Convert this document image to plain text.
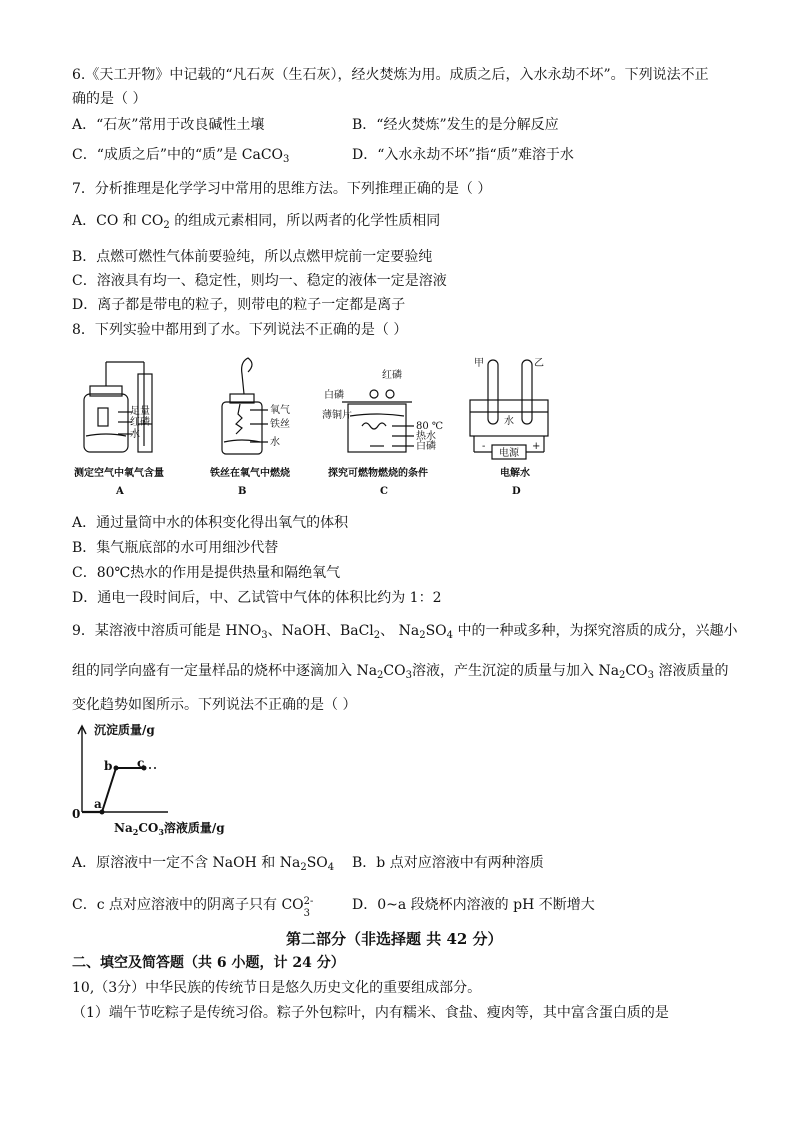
6.《天工开物》中记载的“凡石灰（生石灰），经火焚炼为用。成质之后，入水永劫不坏”。下列说法不正
确的是（ ）
A．“石灰”常用于改良碱性土壤	B．“经火焚炼”发生的是分解反应
C．“成质之后”中的“质”是 CaCO$_3$	D．“入水永劫不坏”指“质”难溶于水
7．分析推理是化学学习中常用的思维方法。下列推理正确的是（ ）
A．CO 和 $CO_2$ 的组成元素相同，所以两者的化学性质相同
B．点燃可燃性气体前要验纯，所以点燃甲烷前一定要验纯
C．溶液具有均一、稳定性，则均一、稳定的液体一定是溶液
D．离子都是带电的粒子，则带电的粒子一定都是离子
8．下列实验中都用到了水。下列说法不正确的是（ ）
足量
红磷
水
测定空气中氧气含量
A
氧气
铁丝
水
铁丝在氧气中燃烧
B
红磷
白磷
薄铜片
80 ℃
热水
白磷
探究可燃物燃烧的条件
C
甲	乙
电源
水
-	+
电解水
D
A．通过量筒中水的体积变化得出氧气的体积
B．集气瓶底部的水可用细沙代替
C．80℃热水的作用是提供热量和隔绝氧气
D．通电一段时间后，中、乙试管中气体的体积比约为 1：2
9．某溶液中溶质可能是 $HNO_3$、NaOH、BaCl$_2$、 $Na_2SO_4$ 中的一种或多种，为探究溶质的成分，兴趣小
组的同学向盛有一定量样品的烧杯中逐滴加入 $Na_2CO_3$溶液，产生沉淀的质量与加入 $Na_2CO_3$ 溶液质量的
变化趋势如图所示。下列说法不正确的是（ ）
沉淀质量/g
0
a
b c
$Na_2CO_3$溶液质量/g
A．原溶液中一定不含 NaOH 和 $Na_2SO_4$ B．b 点对应溶液中有两种溶质
C．c 点对应溶液中的阴离子只有 CO 2-
3
D．0~a 段烧杯内溶液的 pH 不断增大
第二部分（非选择题 共 42 分）
二、填空及简答题（共 6 小题，计 24 分）
10,（3分）中华民族的传统节日是悠久历史文化的重要组成部分。
（1）端午节吃粽子是传统习俗。粽子外包粽叶，内有糯米、食盐、瘦肉等，其中富含蛋白质的是
